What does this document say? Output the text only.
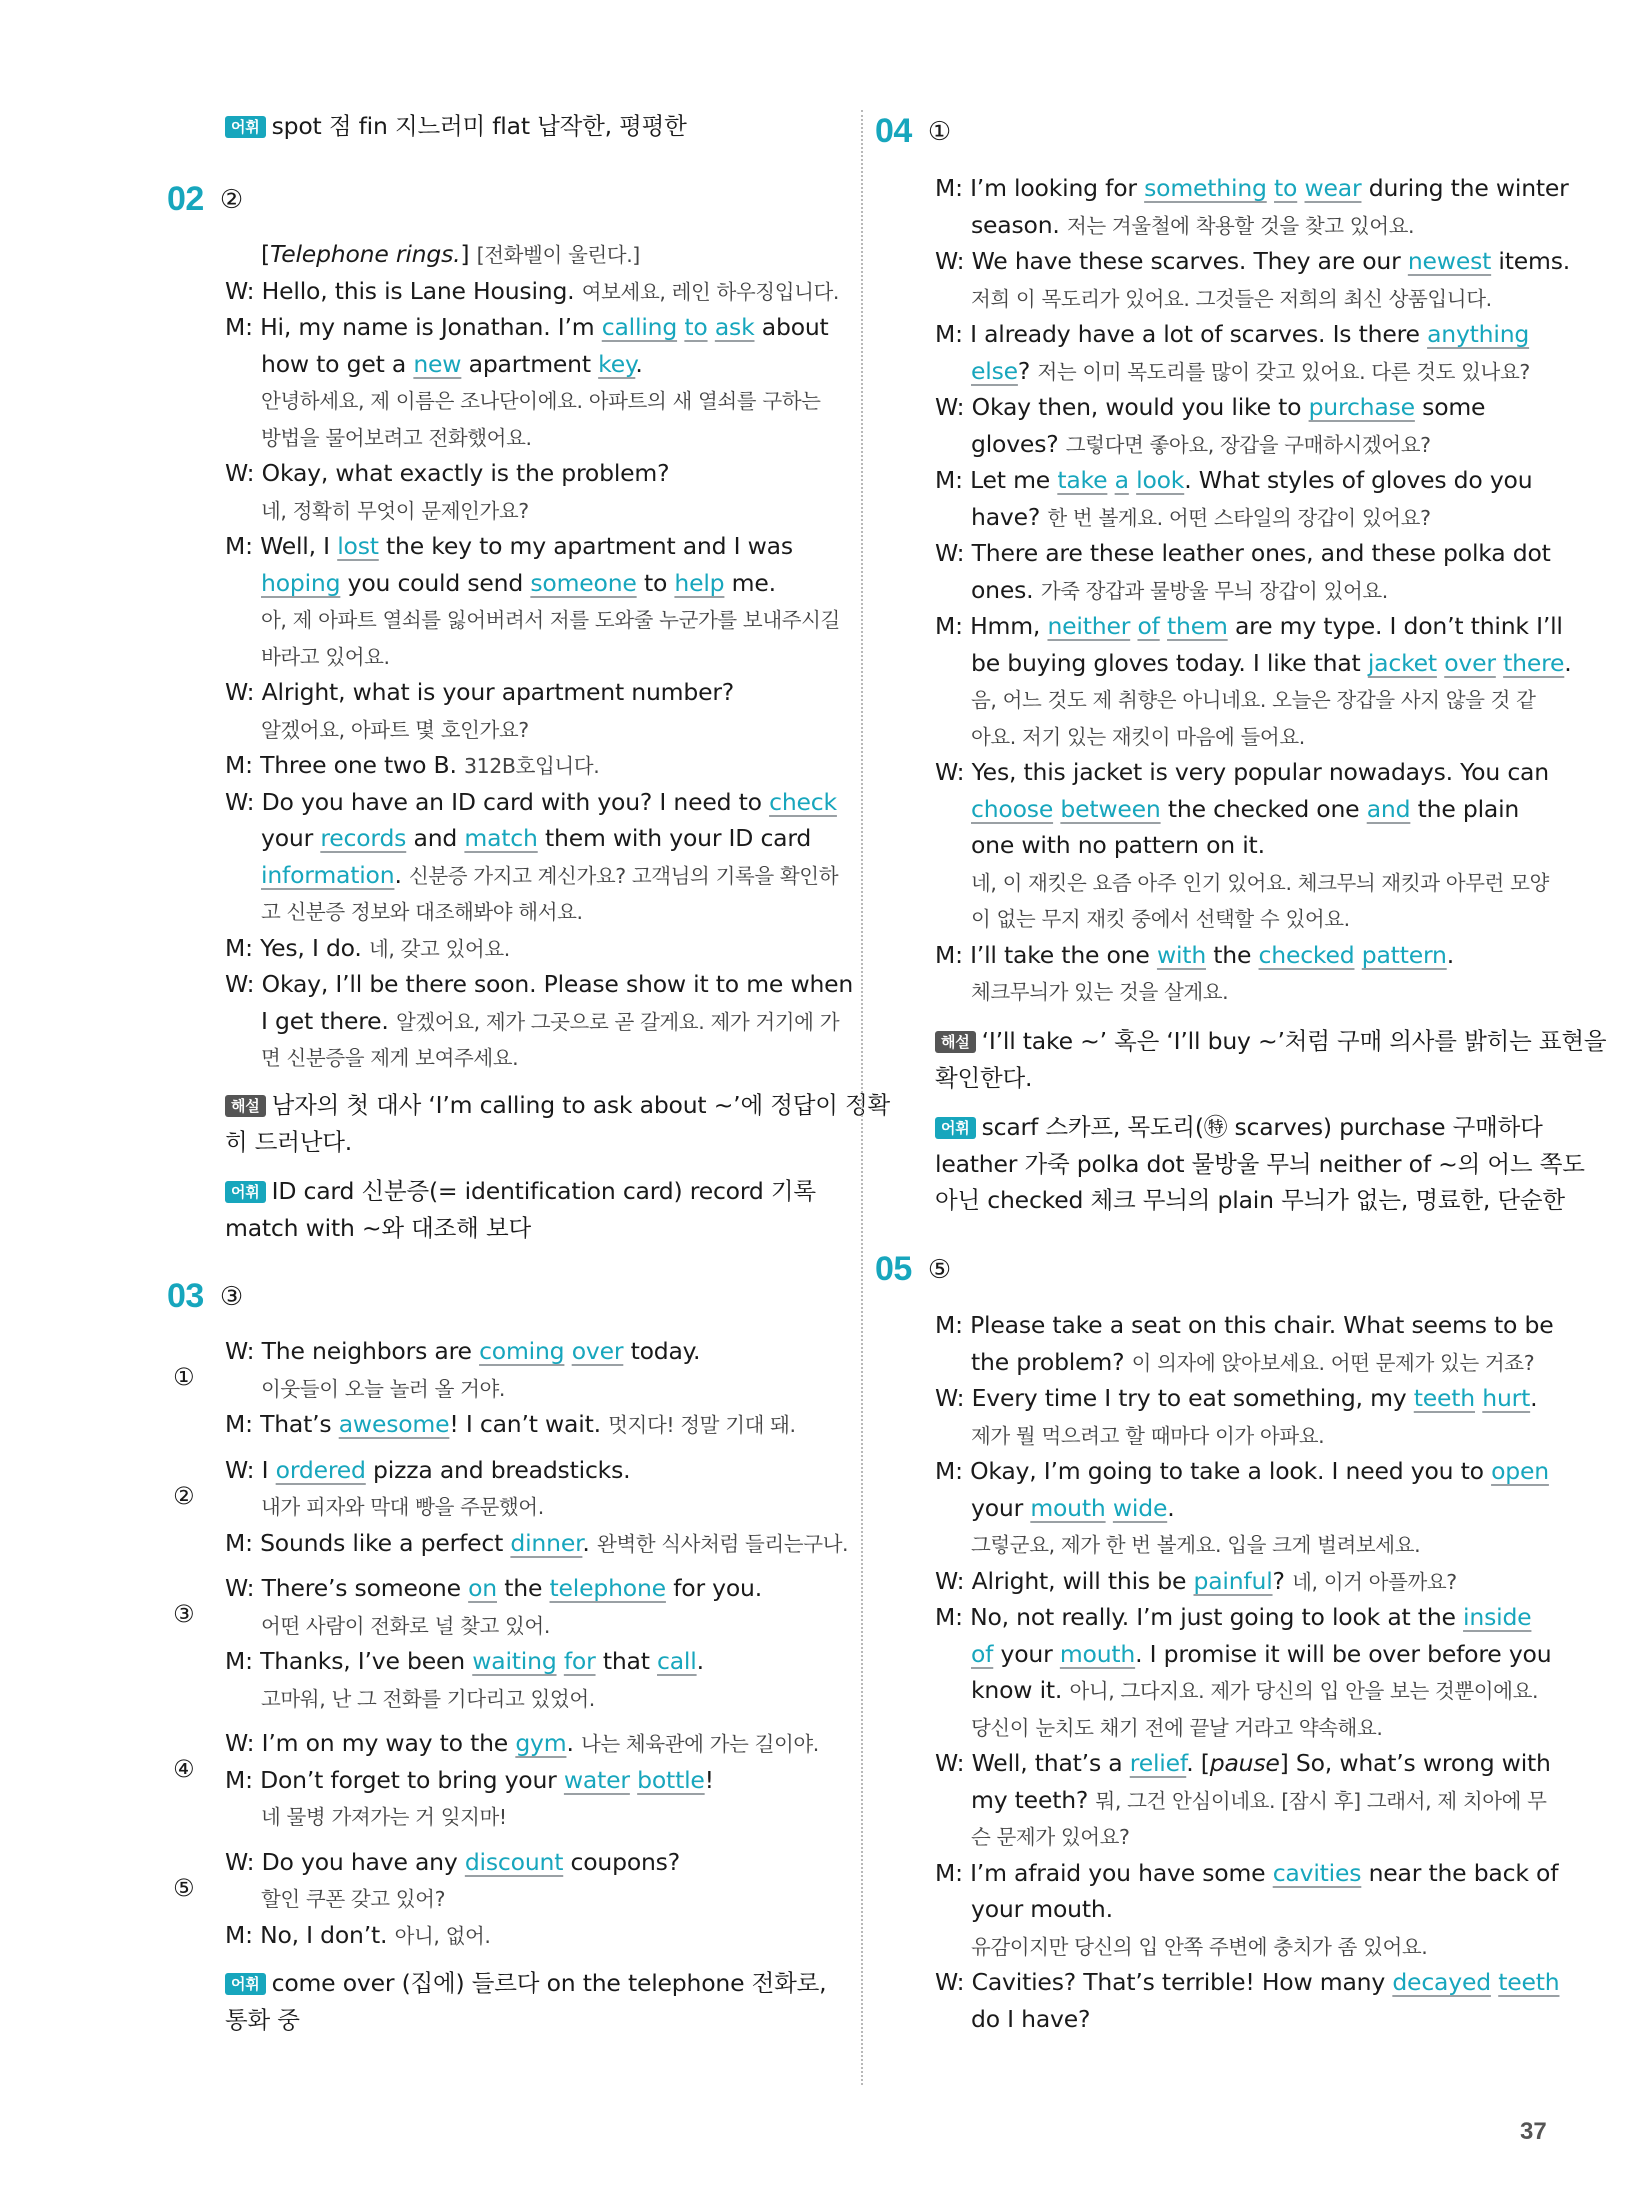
어휘 spot 점 fin 지느러미 flat 납작한, 평평한
02 ②
[Telephone rings.] [전화벨이 울린다.]
W: Hello, this is Lane Housing. 여보세요, 레인 하우징입니다.
M: Hi, my name is Jonathan. I’m calling to ask about
how to get a new apartment key.
안녕하세요, 제 이름은 조나단이에요. 아파트의 새 열쇠를 구하는
방법을 물어보려고 전화했어요.
W: Okay, what exactly is the problem?
네, 정확히 무엇이 문제인가요?
M: Well, I lost the key to my apartment and I was
hoping you could send someone to help me.
아, 제 아파트 열쇠를 잃어버려서 저를 도와줄 누군가를 보내주시길
바라고 있어요.
W: Alright, what is your apartment number?
알겠어요, 아파트 몇 호인가요?
M: Three one two B. 312B호입니다.
W: Do you have an ID card with you? I need to check
your records and match them with your ID card
information. 신분증 가지고 계신가요? 고객님의 기록을 확인하
고 신분증 정보와 대조해봐야 해서요.
M: Yes, I do. 네, 갖고 있어요.
W: Okay, I’ll be there soon. Please show it to me when
I get there. 알겠어요, 제가 그곳으로 곧 갈게요. 제가 거기에 가
면 신분증을 제게 보여주세요.
해설 남자의 첫 대사 ‘I’m calling to ask about ~’에 정답이 정확
히 드러난다.
어휘 ID card 신분증(= identification card) record 기록
match with ~와 대조해 보다
03 ③
①
W: The neighbors are coming over today.
이웃들이 오늘 놀러 올 거야.
M: That’s awesome! I can’t wait. 멋지다! 정말 기대 돼.
②
W: I ordered pizza and breadsticks.
내가 피자와 막대 빵을 주문했어.
M: Sounds like a perfect dinner. 완벽한 식사처럼 들리는구나.
③
W: There’s someone on the telephone for you.
어떤 사람이 전화로 널 찾고 있어.
M: Thanks, I’ve been waiting for that call.
고마워, 난 그 전화를 기다리고 있었어.
④
W: I’m on my way to the gym. 나는 체육관에 가는 길이야.
M: Don’t forget to bring your water bottle!
네 물병 가져가는 거 잊지마!
⑤
W: Do you have any discount coupons?
할인 쿠폰 갖고 있어?
M: No, I don’t. 아니, 없어.
어휘 come over (집에) 들르다 on the telephone 전화로,
통화 중
04 ①
M: I’m looking for something to wear during the winter
season. 저는 겨울철에 착용할 것을 찾고 있어요.
W: We have these scarves. They are our newest items.
저희 이 목도리가 있어요. 그것들은 저희의 최신 상품입니다.
M: I already have a lot of scarves. Is there anything
else? 저는 이미 목도리를 많이 갖고 있어요. 다른 것도 있나요?
W: Okay then, would you like to purchase some
gloves? 그렇다면 좋아요, 장갑을 구매하시겠어요?
M: Let me take a look. What styles of gloves do you
have? 한 번 볼게요. 어떤 스타일의 장갑이 있어요?
W: There are these leather ones, and these polka dot
ones. 가죽 장갑과 물방울 무늬 장갑이 있어요.
M: Hmm, neither of them are my type. I don’t think I’ll
be buying gloves today. I like that jacket over there.
음, 어느 것도 제 취향은 아니네요. 오늘은 장갑을 사지 않을 것 같
아요. 저기 있는 재킷이 마음에 들어요.
W: Yes, this jacket is very popular nowadays. You can
choose between the checked one and the plain
one with no pattern on it.
네, 이 재킷은 요즘 아주 인기 있어요. 체크무늬 재킷과 아무런 모양
이 없는 무지 재킷 중에서 선택할 수 있어요.
M: I’ll take the one with the checked pattern.
체크무늬가 있는 것을 살게요.
해설 ‘I’ll take ~’ 혹은 ‘I’ll buy ~’처럼 구매 의사를 밝히는 표현을
확인한다.
어휘 scarf 스카프, 목도리(㊕ scarves) purchase 구매하다
leather 가죽 polka dot 물방울 무늬 neither of ~의 어느 쪽도
아닌 checked 체크 무늬의 plain 무늬가 없는, 명료한, 단순한
05 ⑤
M: Please take a seat on this chair. What seems to be
the problem? 이 의자에 앉아보세요. 어떤 문제가 있는 거죠?
W: Every time I try to eat something, my teeth hurt.
제가 뭘 먹으려고 할 때마다 이가 아파요.
M: Okay, I’m going to take a look. I need you to open
your mouth wide.
그렇군요, 제가 한 번 볼게요. 입을 크게 벌려보세요.
W: Alright, will this be painful? 네, 이거 아플까요?
M: No, not really. I’m just going to look at the inside
of your mouth. I promise it will be over before you
know it. 아니, 그다지요. 제가 당신의 입 안을 보는 것뿐이에요.
당신이 눈치도 채기 전에 끝날 거라고 약속해요.
W: Well, that’s a relief. [pause] So, what’s wrong with
my teeth? 뭐, 그건 안심이네요. [잠시 후] 그래서, 제 치아에 무
슨 문제가 있어요?
M: I’m afraid you have some cavities near the back of
your mouth.
유감이지만 당신의 입 안쪽 주변에 충치가 좀 있어요.
W: Cavities? That’s terrible! How many decayed teeth
do I have?
37
